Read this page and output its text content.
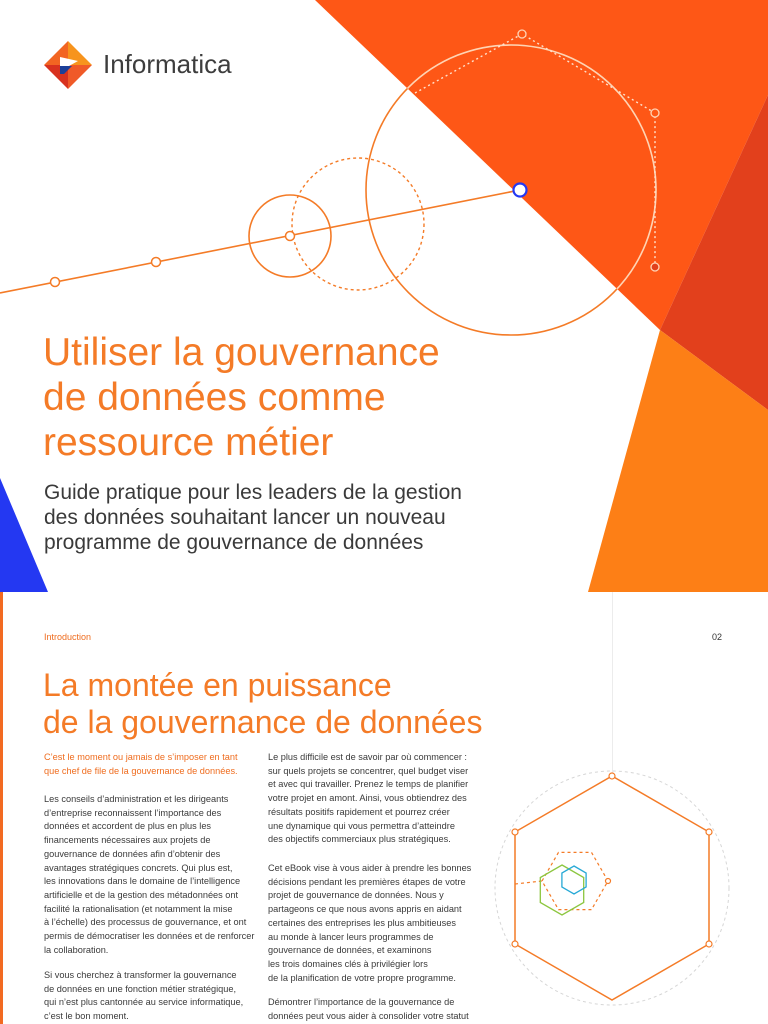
Informatica
Utiliser la gouvernance
de données comme
ressource métier
Guide pratique pour les leaders de la gestion
des données souhaitant lancer un nouveau
programme de gouvernance de données
Introduction	02
La montée en puissance
de la gouvernance de données

C’est le moment ou jamais de s’imposer en tant
que chef de file de la gouvernance de données.

Les conseils d’administration et les dirigeants
d’entreprise reconnaissent l’importance des
données et accordent de plus en plus les
financements nécessaires aux projets de
gouvernance de données afin d’obtenir des
avantages stratégiques concrets. Qui plus est,
les innovations dans le domaine de l’intelligence
artificielle et de la gestion des métadonnées ont
facilité la rationalisation (et notamment la mise
à l’échelle) des processus de gouvernance, et ont
permis de démocratiser les données et de renforcer
la collaboration.

Si vous cherchez à transformer la gouvernance
de données en une fonction métier stratégique,
qui n’est plus cantonnée au service informatique,
c’est le bon moment.

Le plus difficile est de savoir par où commencer :
sur quels projets se concentrer, quel budget viser
et avec qui travailler. Prenez le temps de planifier
votre projet en amont. Ainsi, vous obtiendrez des
résultats positifs rapidement et pourrez créer
une dynamique qui vous permettra d’atteindre
des objectifs commerciaux plus stratégiques.

Cet eBook vise à vous aider à prendre les bonnes
décisions pendant les premières étapes de votre
projet de gouvernance de données. Nous y
partageons ce que nous avons appris en aidant
certaines des entreprises les plus ambitieuses
au monde à lancer leurs programmes de
gouvernance de données, et examinons
les trois domaines clés à privilégier lors
de la planification de votre propre programme.

Démontrer l’importance de la gouvernance de
données peut vous aider à consolider votre statut
